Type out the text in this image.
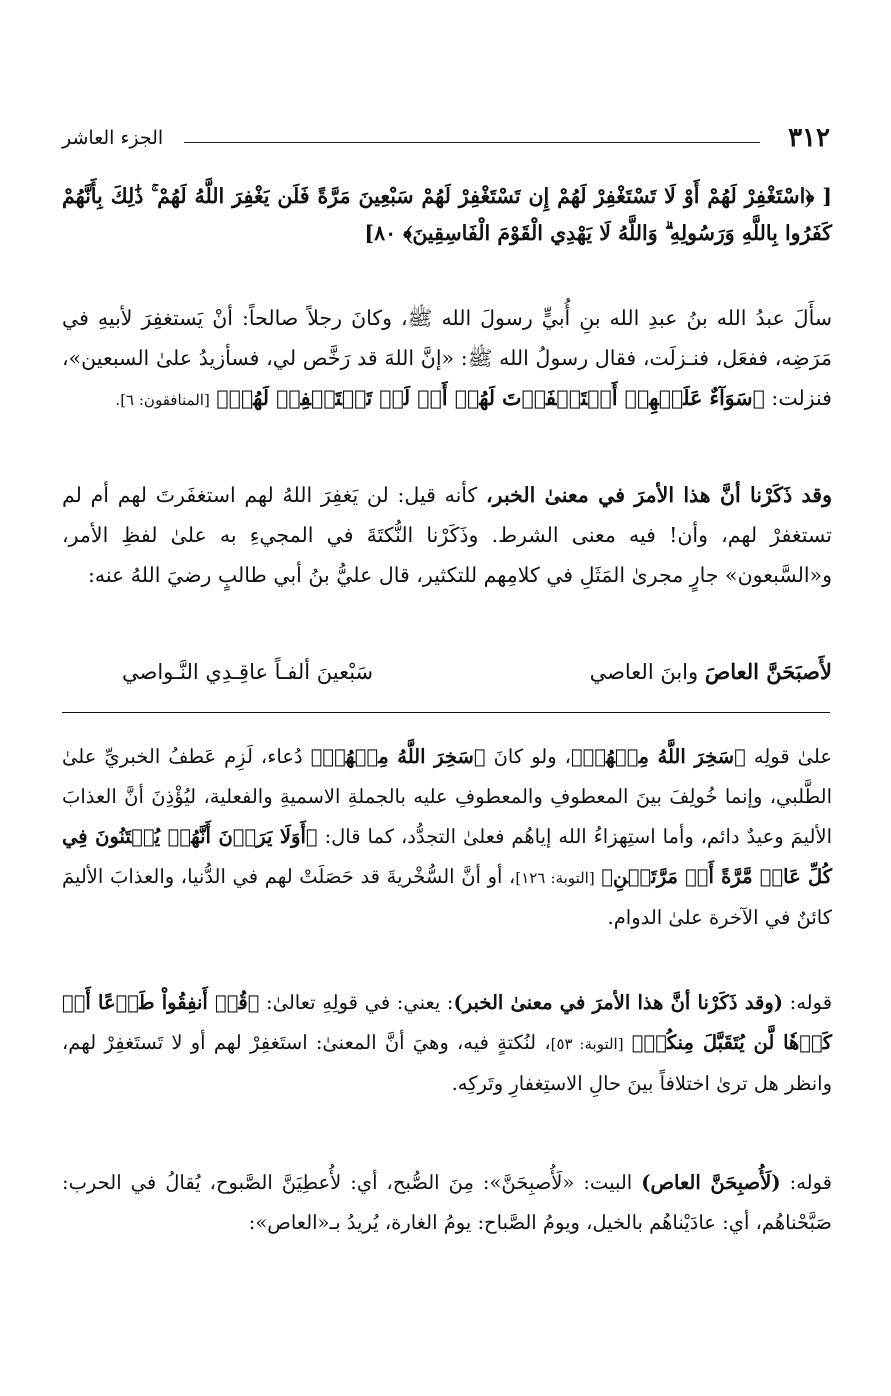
٣١٢
الجزء العاشر
[ ﴿اسْتَغْفِرْ لَهُمْ أَوْ لَا تَسْتَغْفِرْ لَهُمْ إِن تَسْتَغْفِرْ لَهُمْ سَبْعِينَ مَرَّةً فَلَن يَغْفِرَ اللَّهُ لَهُمْ ۚ ذَٰلِكَ بِأَنَّهُمْ كَفَرُوا بِاللَّهِ وَرَسُولِهِ ۗ وَاللَّهُ لَا يَهْدِي الْقَوْمَ الْفَاسِقِينَ﴾ ٨٠]
سأَلَ عبدُ الله بنُ عبدِ الله بنِ أُبيٍّ رسولَ الله ﷺ، وكانَ رجلاً صالحاً: أنْ يَستغفِرَ لأبيهِ في مَرَضِه، ففعَل، فنـزلَت، فقال رسولُ الله ﷺ: «إنَّ اللهَ قد رَخَّص لي، فسأزيدُ علىٰ السبعين»، فنزلت: ﴿سَوَآءٌ عَلَيۡهِمۡ أَسۡتَغۡفَرۡتَ لَهُمۡ أَمۡ لَمۡ تَسۡتَغۡفِرۡ لَهُمۡ﴾ [المنافقون: ٦].
وقد ذَكَرْنا أنَّ هذا الأمرَ في معنىٰ الخبر، كأنه قيل: لن يَغفِرَ اللهُ لهم استغفَرتَ لهم أم لم تستغفرْ لهم، وأن! فيه معنى الشرط. وذَكَرْنا النُّكتَةَ في المجيءِ به علىٰ لفظِ الأمر، و«السَّبعون» جارٍ مجرىٰ المَثَلِ في كلامِهم للتكثير، قال عليُّ بنُ أبي طالبٍ رضيَ اللهُ عنه:
لأَصبَحَنَّ العاصَ وابنَ العاصي
سَبْعينَ ألفـاً عاقِـدِي النَّـواصي
علىٰ قولِه ﴿سَخِرَ اللَّهُ مِنۡهُمۡ﴾، ولو كانَ ﴿سَخِرَ اللَّهُ مِنۡهُمۡ﴾ دُعاء، لَزِم عَطفُ الخبريِّ علىٰ الطَّلبي، وإنما خُولِفَ بينَ المعطوفِ والمعطوفِ عليه بالجملةِ الاسميةِ والفعلية، ليُؤْذِنَ أنَّ العذابَ الأليمَ وعيدٌ دائم، وأما استِهزاءُ الله إياهُم فعلىٰ التجدُّد، كما قال: ﴿أَوَلَا يَرَوۡنَ أَنَّهُمۡ يُفۡتَنُونَ فِي كُلِّ عَامٖ مَّرَّةً أَوۡ مَرَّتَيۡنِ﴾ [التوبة: ١٢٦]، أو أنَّ السُّخْريةَ قد حَصَلَتْ لهم في الدُّنيا، والعذابَ الأليمَ كائنٌ في الآخرة علىٰ الدوام.
قوله: (وقد ذَكَرْنا أنَّ هذا الأمرَ في معنىٰ الخبر): يعني: في قولِهِ تعالىٰ: ﴿قُلۡ أَنفِقُواْ طَوۡعًا أَوۡ كَرۡهٗا لَّن يُتَقَبَّلَ مِنكُمۡ﴾ [التوبة: ٥٣]، لنُكتةٍ فيه، وهيَ أنَّ المعنىٰ: استَغفِرْ لهم أو لا تَستَغفِرْ لهم، وانظر هل ترىٰ اختلافاً بينَ حالِ الاستِغفارِ وتَركِه.
قوله: (لَأُصبِحَنَّ العاص) البيت: «لَأُصبِحَنَّ»: مِنَ الصُّبح، أي: لأُعطِيَنَّ الصَّبوح، يُقالُ في الحرب: صَبَّحْناهُم، أي: عادَيْناهُم بالخيل، ويومُ الصَّباح: يومُ الغارة، يُريدُ بـ«العاص»:
